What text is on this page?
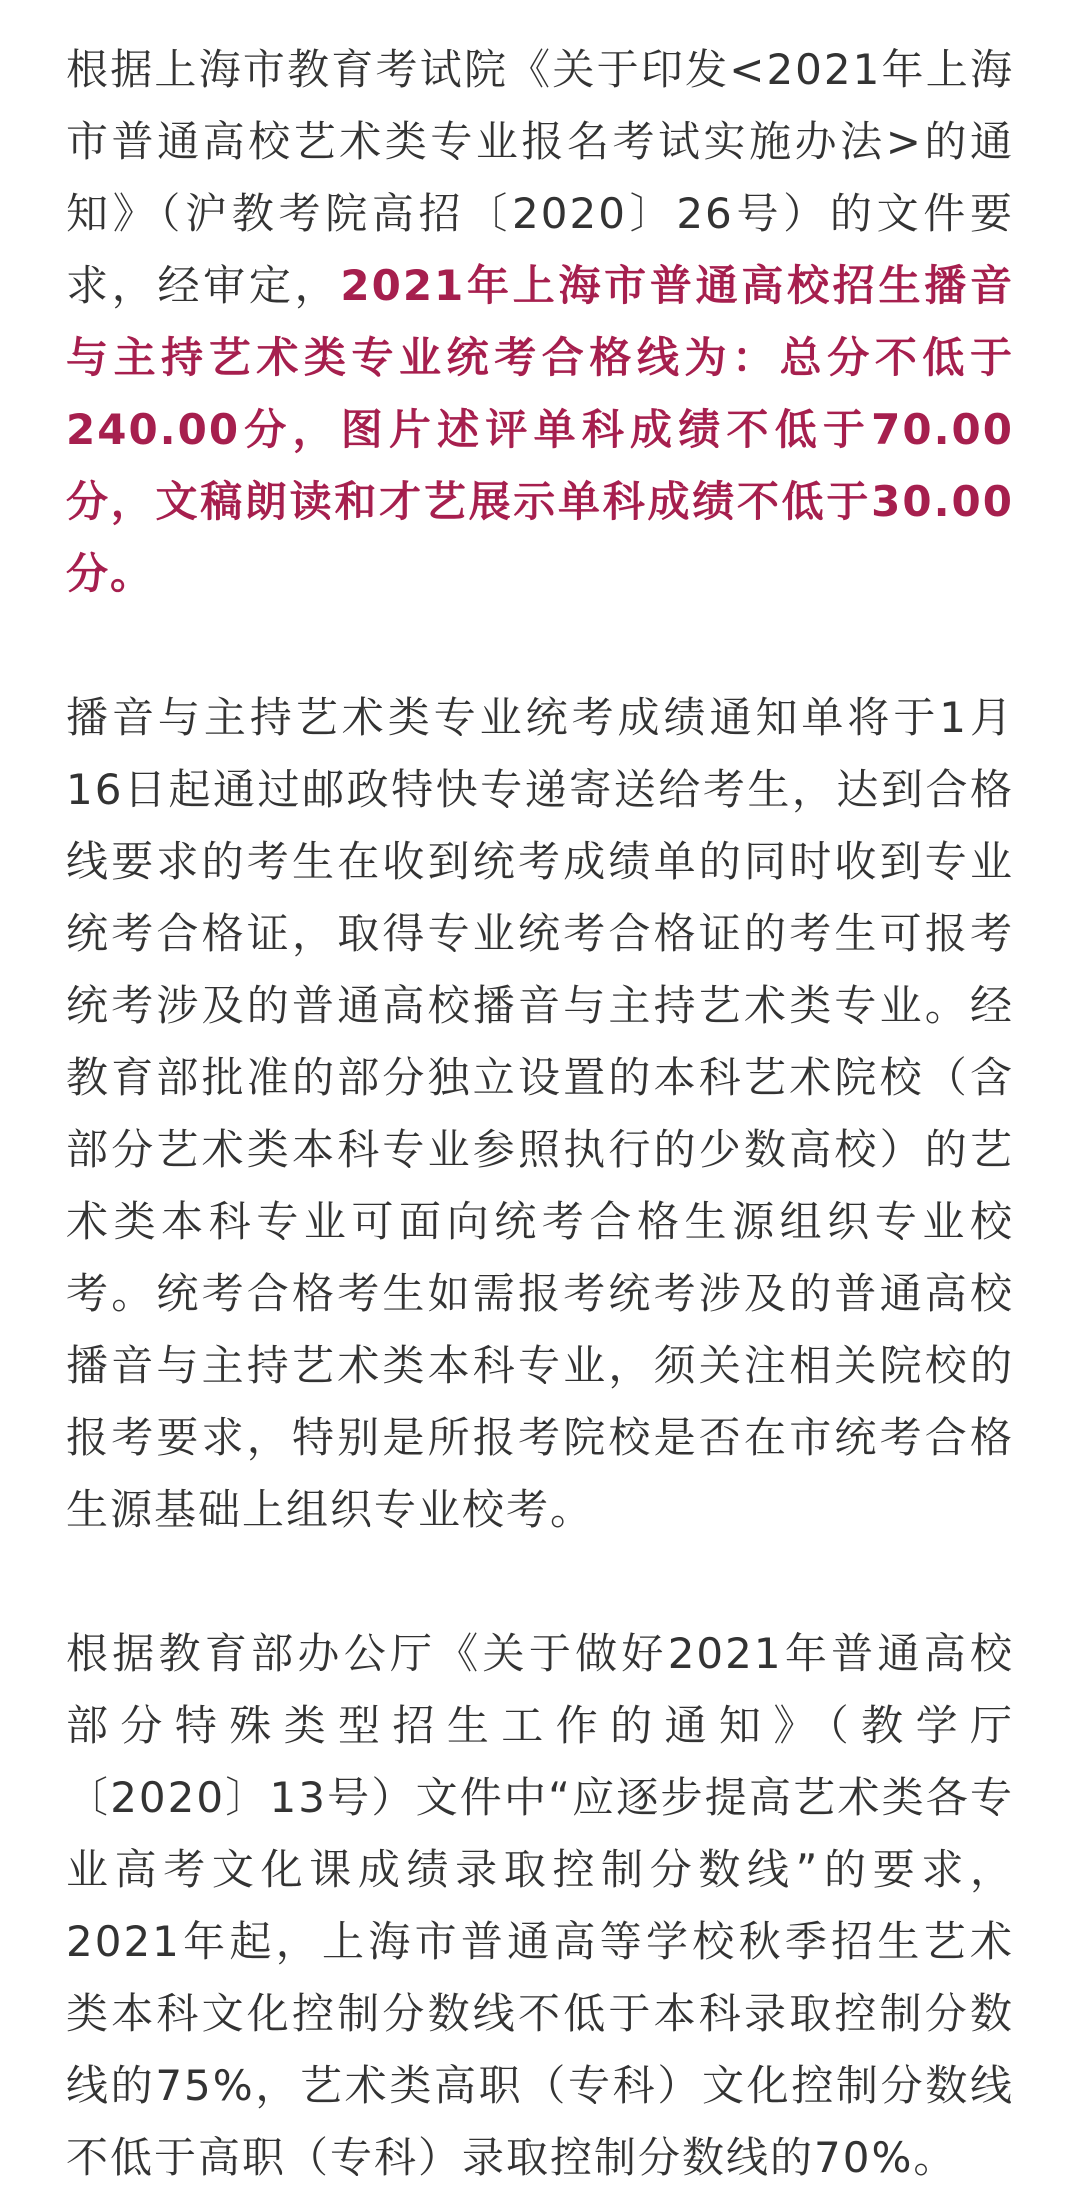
根据上海市教育考试院《关于印发<2021年上海市普通高校艺术类专业报名考试实施办法>的通知》（沪教考院高招〔2020〕26号）的文件要求，经审定，2021年上海市普通高校招生播音与主持艺术类专业统考合格线为：总分不低于240.00分，图片述评单科成绩不低于70.00分，文稿朗读和才艺展示单科成绩不低于30.00分。

播音与主持艺术类专业统考成绩通知单将于1月16日起通过邮政特快专递寄送给考生，达到合格线要求的考生在收到统考成绩单的同时收到专业统考合格证，取得专业统考合格证的考生可报考统考涉及的普通高校播音与主持艺术类专业。经教育部批准的部分独立设置的本科艺术院校（含部分艺术类本科专业参照执行的少数高校）的艺术类本科专业可面向统考合格生源组织专业校考。统考合格考生如需报考统考涉及的普通高校播音与主持艺术类本科专业，须关注相关院校的报考要求，特别是所报考院校是否在市统考合格生源基础上组织专业校考。

根据教育部办公厅《关于做好2021年普通高校部分特殊类型招生工作的通知》（教学厅〔2020〕13号）文件中“应逐步提高艺术类各专业高考文化课成绩录取控制分数线”的要求，2021年起，上海市普通高等学校秋季招生艺术类本科文化控制分数线不低于本科录取控制分数线的75%，艺术类高职（专科）文化控制分数线不低于高职（专科）录取控制分数线的70%。
